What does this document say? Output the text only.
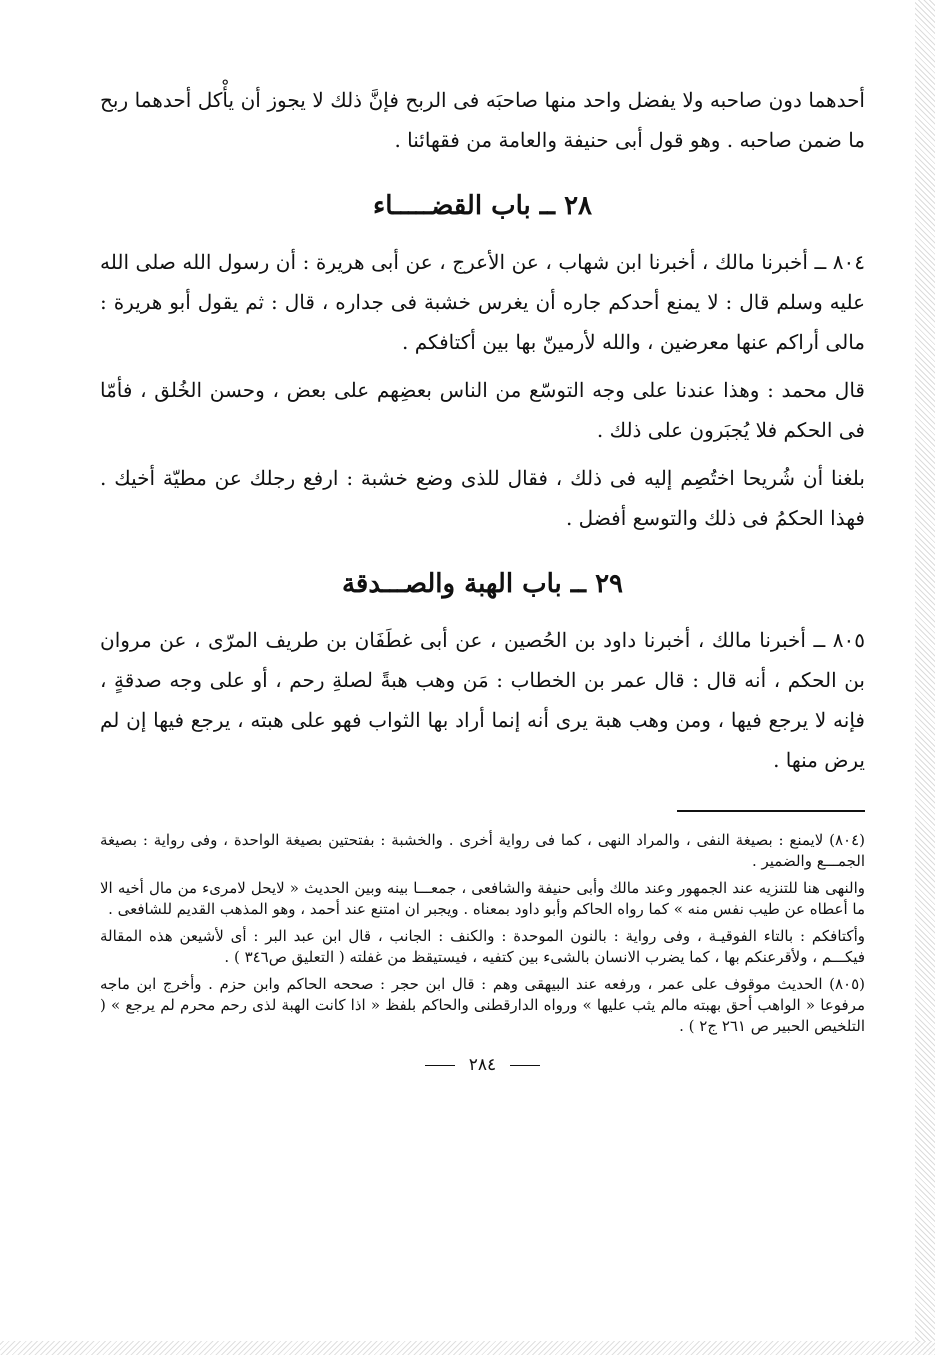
أحدهما دون صاحبه ولا يفضل واحد منها صاحبَه فى الربح فإنَّ ذلك لا يجوز أن يأْكل أحدهما ربح ما ضمن صاحبه . وهو قول أبى حنيفة والعامة من فقهائنا .

٢٨ ــ باب القضـــــاء

٨٠٤ ــ أخبرنا مالك ، أخبرنا ابن شهاب ، عن الأعرج ، عن أبى هريرة : أن رسول الله صلى الله عليه وسلم قال : لا يمنع أحدكم جاره أن يغرس خشبة فى جداره ، قال : ثم يقول أبو هريرة : مالى أراكم عنها معرضين ، والله لأرمينّ بها بين أكتافكم .

قال محمد : وهذا عندنا على وجه التوسّع من الناس بعضِهم على بعض ، وحسن الخُلق ، فأمّا فى الحكم فلا يُجبَرون على ذلك .

بلغنا أن شُريحا اختُصِم إليه فى ذلك ، فقال للذى وضع خشبة : ارفع رجلك عن مطيّة أخيك . فهذا الحكمُ فى ذلك والتوسع أفضل .

٢٩ ــ باب الهبة والصـــدقة

٨٠٥ ــ أخبرنا مالك ، أخبرنا داود بن الحُصين ، عن أبى غطَفَان بن طريف المرّى ، عن مروان بن الحكم ، أنه قال : قال عمر بن الخطاب : مَن وهب هبةً لصلةِ رحم ، أو على وجه صدقةٍ ، فإنه لا يرجع فيها ، ومن وهب هبة يرى أنه إنما أراد بها الثواب فهو على هبته ، يرجع فيها إن لم يرض منها .

(٨٠٤) لايمنع : بصيغة النفى ، والمراد النهى ، كما فى رواية أخرى . والخشبة : بفتحتين بصيغة الواحدة ، وفى رواية : بصيغة الجمـــع والضمير .

والنهى هنا للتنزيه عند الجمهور وعند مالك وأبى حنيفة والشافعى ، جمعـــا بينه وبين الحديث « لايحل لامرىء من مال أخيه الا ما أعطاه عن طيب نفس منه » كما رواه الحاكم وأبو داود بمعناه . ويجبر ان امتنع عند أحمد ، وهو المذهب القديم للشافعى .

وأكتافكم : بالتاء الفوقيـة ، وفى رواية : بالنون الموحدة : والكنف : الجانب ، قال ابن عبد البر : أى لأشيعن هذه المقالة فيكـــم ، ولأقرعنكم بها ، كما يضرب الانسان بالشىء بين كتفيه ، فيستيقظ من غفلته ( التعليق ص٣٤٦ ) .

(٨٠٥) الحديث موقوف على عمر ، ورفعه عند البيهقى وهم : قال ابن حجر : صححه الحاكم وابن حزم . وأخرج ابن ماجه مرفوعا « الواهب أحق بهبته مالم يثب عليها » ورواه الدارقطنى والحاكم بلفظ « اذا كانت الهبة لذى رحم محرم لم يرجع » ( التلخيص الحبير ص ٢٦١ ج٢ ) .

٢٨٤
